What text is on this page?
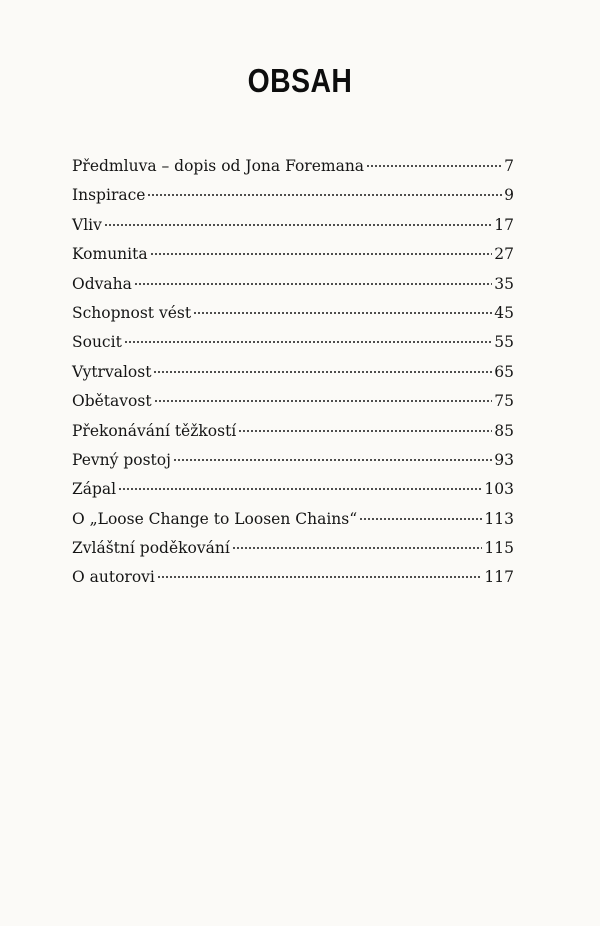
OBSAH
Předmluva – dopis od Jona Foremana	7
Inspirace	9
Vliv	17
Komunita	27
Odvaha	35
Schopnost vést	45
Soucit	55
Vytrvalost	65
Obětavost	75
Překonávání těžkostí	85
Pevný postoj	93
Zápal	103
O „Loose Change to Loosen Chains“	113
Zvláštní poděkování	115
O autorovi	117
